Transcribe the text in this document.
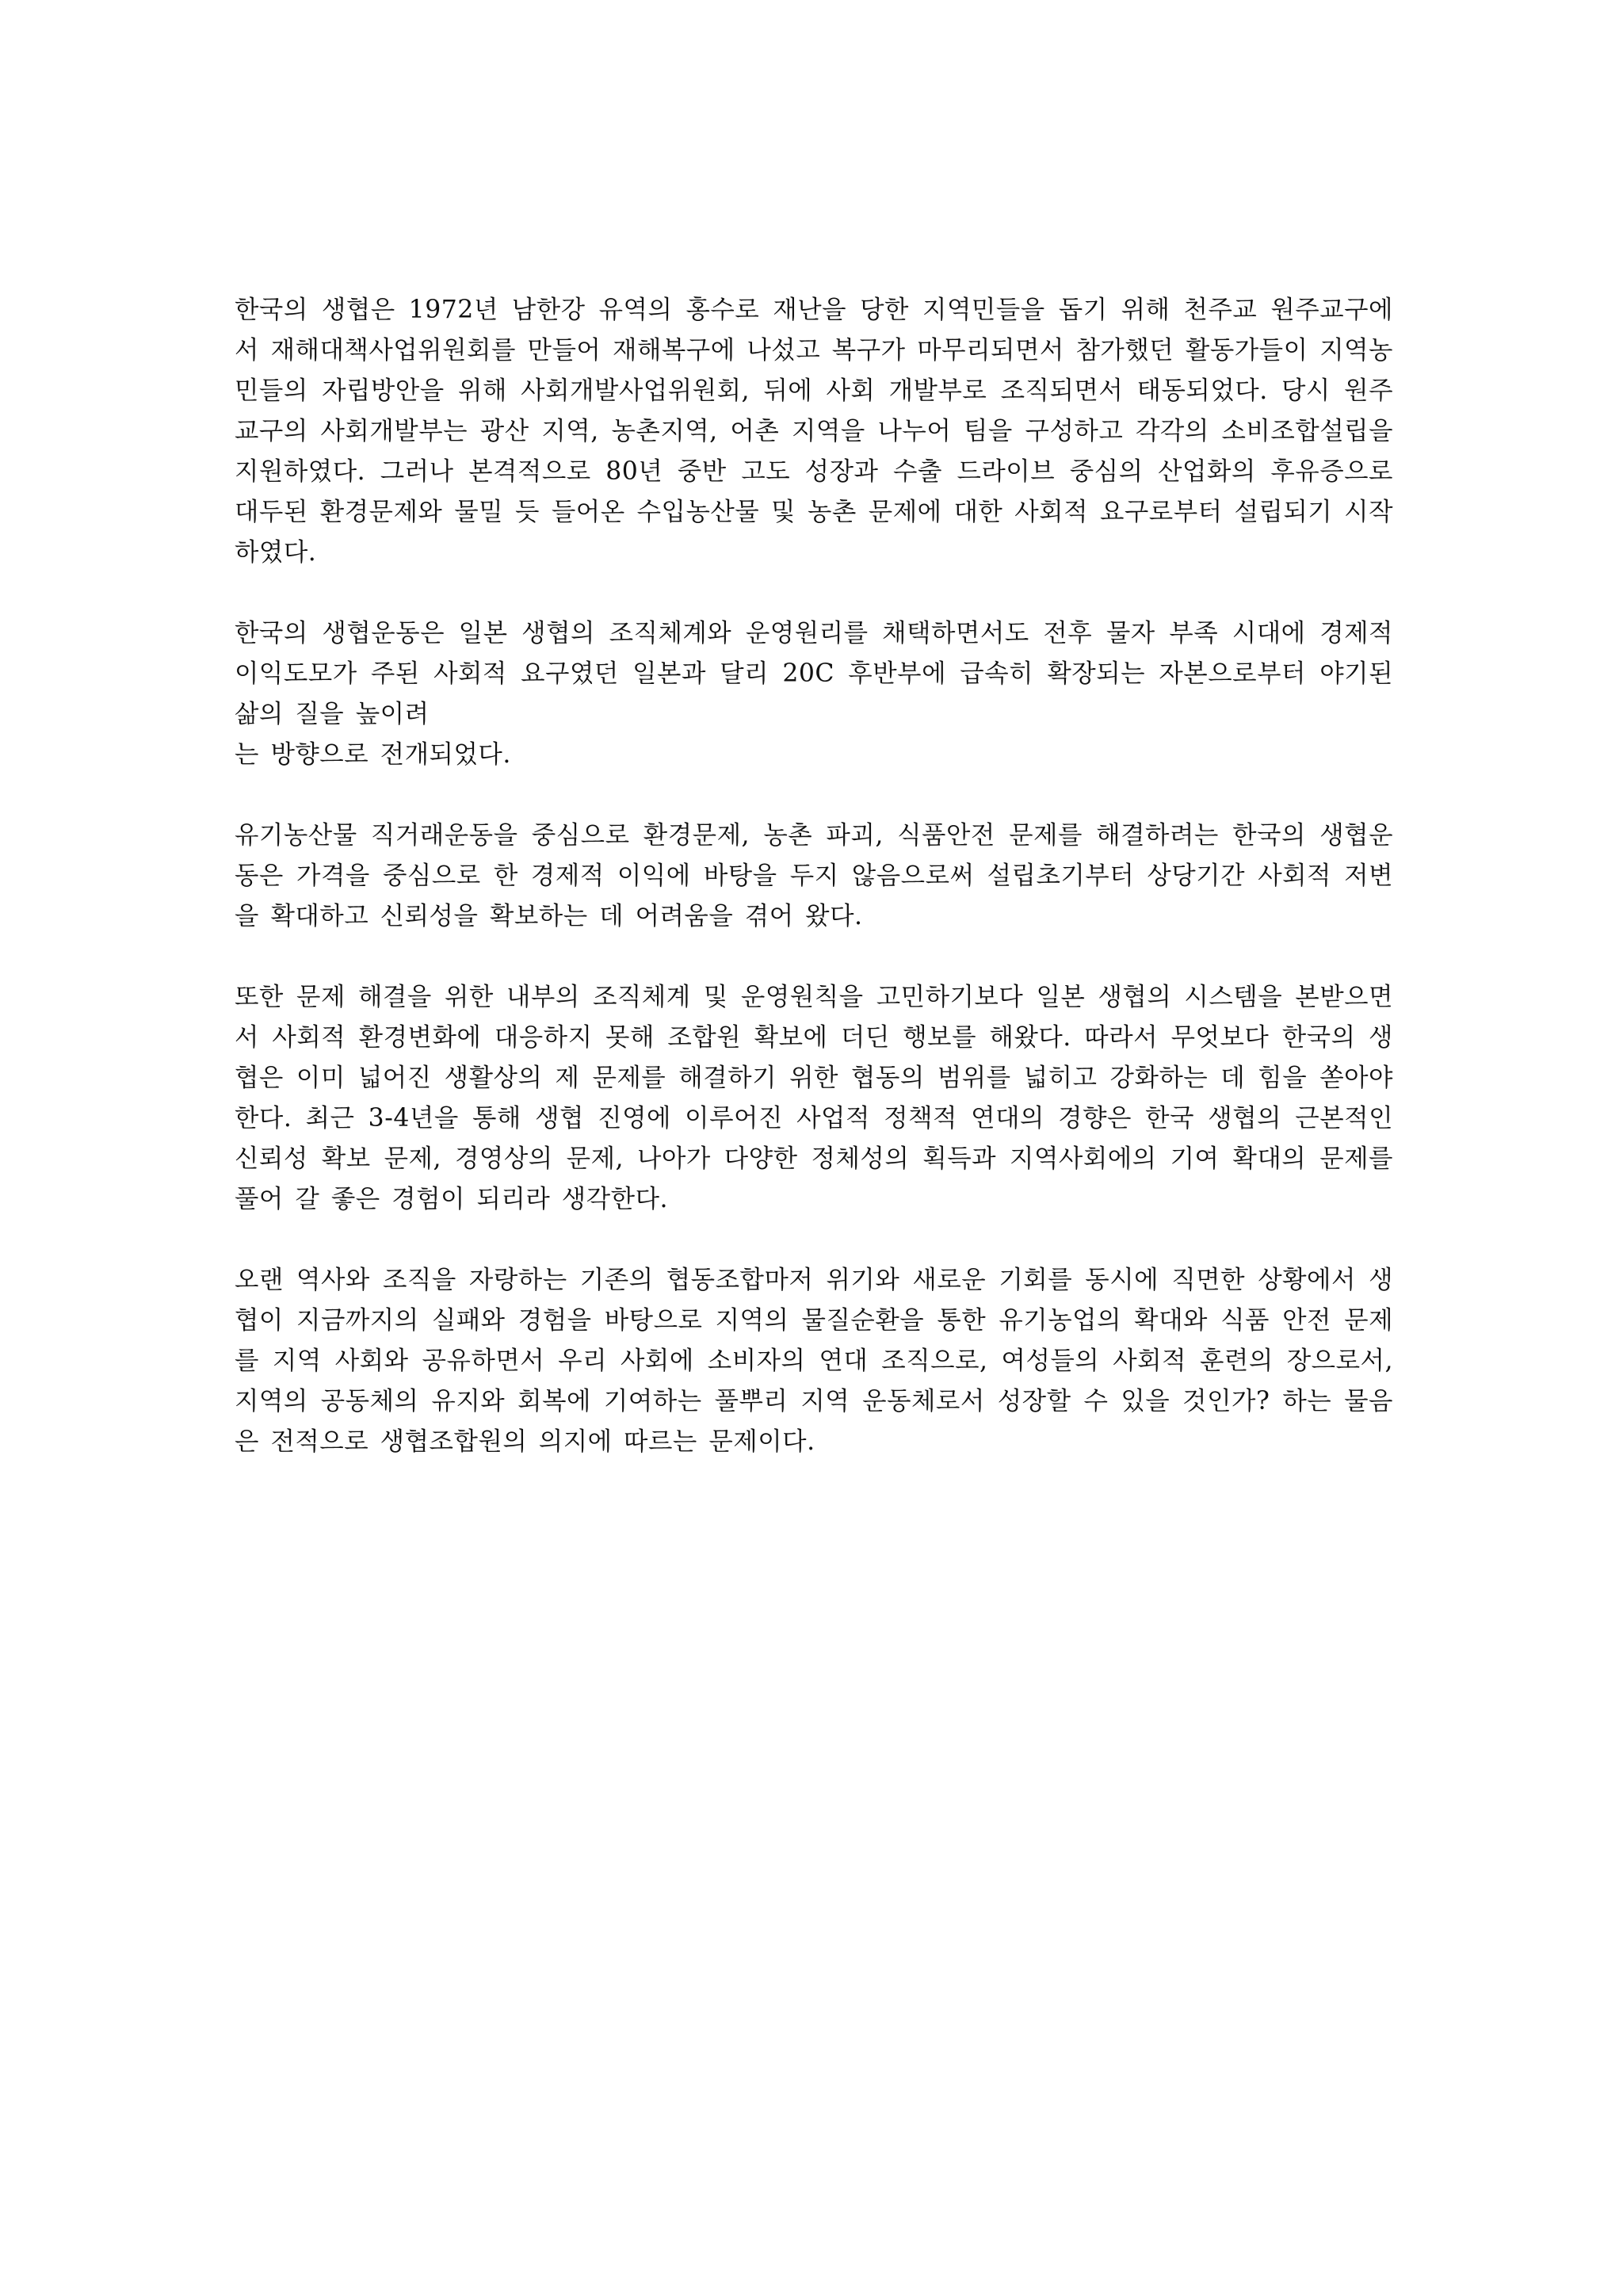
한국의 생협은 1972년 남한강 유역의 홍수로 재난을 당한 지역민들을 돕기 위해 천주교 원주교구에서 재해대책사업위원회를 만들어 재해복구에 나섰고 복구가 마무리되면서 참가했던 활동가들이 지역농민들의 자립방안을 위해 사회개발사업위원회, 뒤에 사회 개발부로 조직되면서 태동되었다. 당시 원주교구의 사회개발부는 광산 지역, 농촌지역, 어촌 지역을 나누어 팀을 구성하고 각각의 소비조합설립을 지원하였다. 그러나 본격적으로 80년 중반 고도 성장과 수출 드라이브 중심의 산업화의 후유증으로 대두된 환경문제와 물밀 듯 들어온 수입농산물 및 농촌 문제에 대한 사회적 요구로부터 설립되기 시작하였다.

한국의 생협운동은 일본 생협의 조직체계와 운영원리를 채택하면서도 전후 물자 부족 시대에 경제적 이익도모가 주된 사회적 요구였던 일본과 달리 20C 후반부에 급속히 확장되는 자본으로부터 야기된 삶의 질을 높이려
는 방향으로 전개되었다.

유기농산물 직거래운동을 중심으로 환경문제, 농촌 파괴, 식품안전 문제를 해결하려는 한국의 생협운동은 가격을 중심으로 한 경제적 이익에 바탕을 두지 않음으로써 설립초기부터 상당기간 사회적 저변을 확대하고 신뢰성을 확보하는 데 어려움을 겪어 왔다.

또한 문제 해결을 위한 내부의 조직체계 및 운영원칙을 고민하기보다 일본 생협의 시스템을 본받으면서 사회적 환경변화에 대응하지 못해 조합원 확보에 더딘 행보를 해왔다. 따라서 무엇보다 한국의 생협은 이미 넓어진 생활상의 제 문제를 해결하기 위한 협동의 범위를 넓히고 강화하는 데 힘을 쏟아야 한다. 최근 3-4년을 통해 생협 진영에 이루어진 사업적 정책적 연대의 경향은 한국 생협의 근본적인 신뢰성 확보 문제, 경영상의 문제, 나아가 다양한 정체성의 획득과 지역사회에의 기여 확대의 문제를 풀어 갈 좋은 경험이 되리라 생각한다.

오랜 역사와 조직을 자랑하는 기존의 협동조합마저 위기와 새로운 기회를 동시에 직면한 상황에서 생협이 지금까지의 실패와 경험을 바탕으로 지역의 물질순환을 통한 유기농업의 확대와 식품 안전 문제를 지역 사회와 공유하면서 우리 사회에 소비자의 연대 조직으로, 여성들의 사회적 훈련의 장으로서, 지역의 공동체의 유지와 회복에 기여하는 풀뿌리 지역 운동체로서 성장할 수 있을 것인가? 하는 물음은 전적으로 생협조합원의 의지에 따르는 문제이다.
